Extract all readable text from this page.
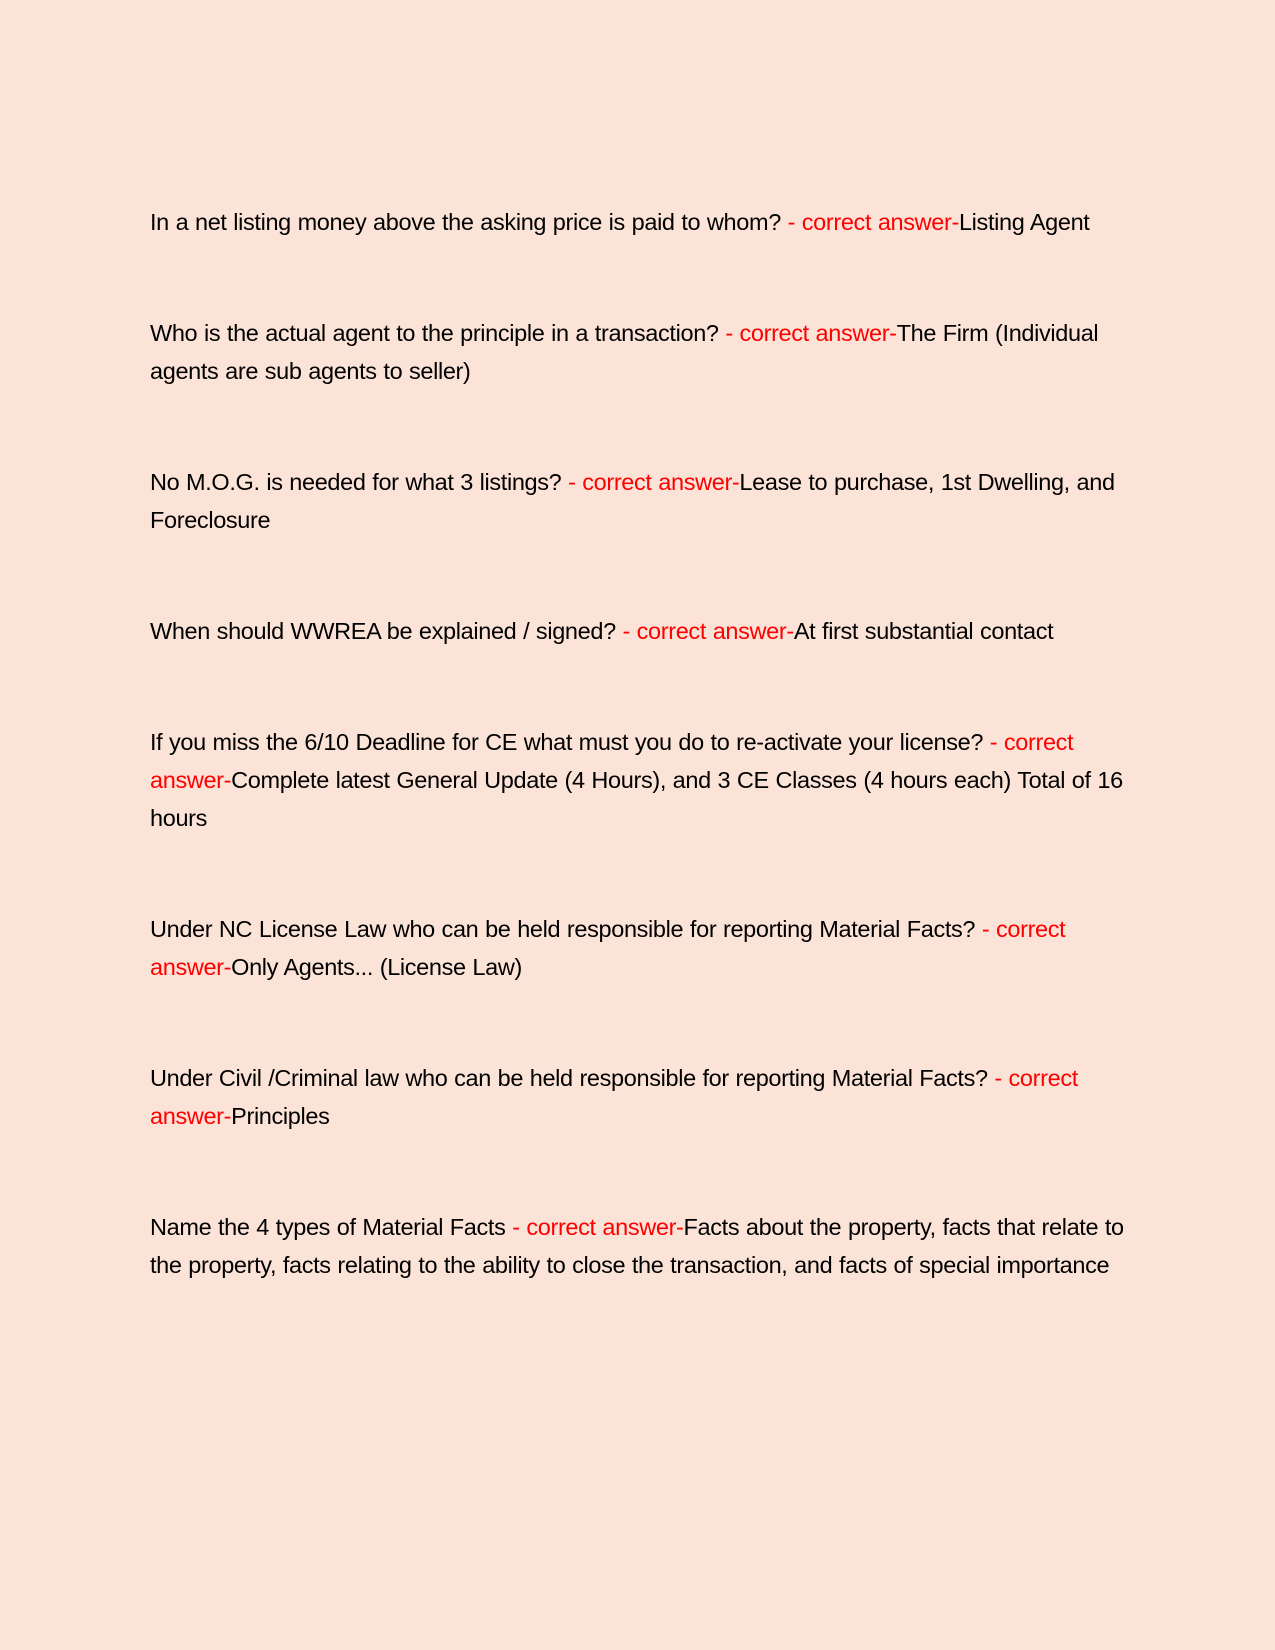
In a net listing money above the asking price is paid to whom? - correct answer-Listing Agent

Who is the actual agent to the principle in a transaction? - correct answer-The Firm (Individual agents are sub agents to seller)

No M.O.G. is needed for what 3 listings? - correct answer-Lease to purchase, 1st Dwelling, and Foreclosure

When should WWREA be explained / signed? - correct answer-At first substantial contact

If you miss the 6/10 Deadline for CE what must you do to re-activate your license? - correct answer-Complete latest General Update (4 Hours), and 3 CE Classes (4 hours each) Total of 16 hours

Under NC License Law who can be held responsible for reporting Material Facts? - correct answer-Only Agents... (License Law)

Under Civil /Criminal law who can be held responsible for reporting Material Facts? - correct answer-Principles

Name the 4 types of Material Facts - correct answer-Facts about the property, facts that relate to the property, facts relating to the ability to close the transaction, and facts of special importance
